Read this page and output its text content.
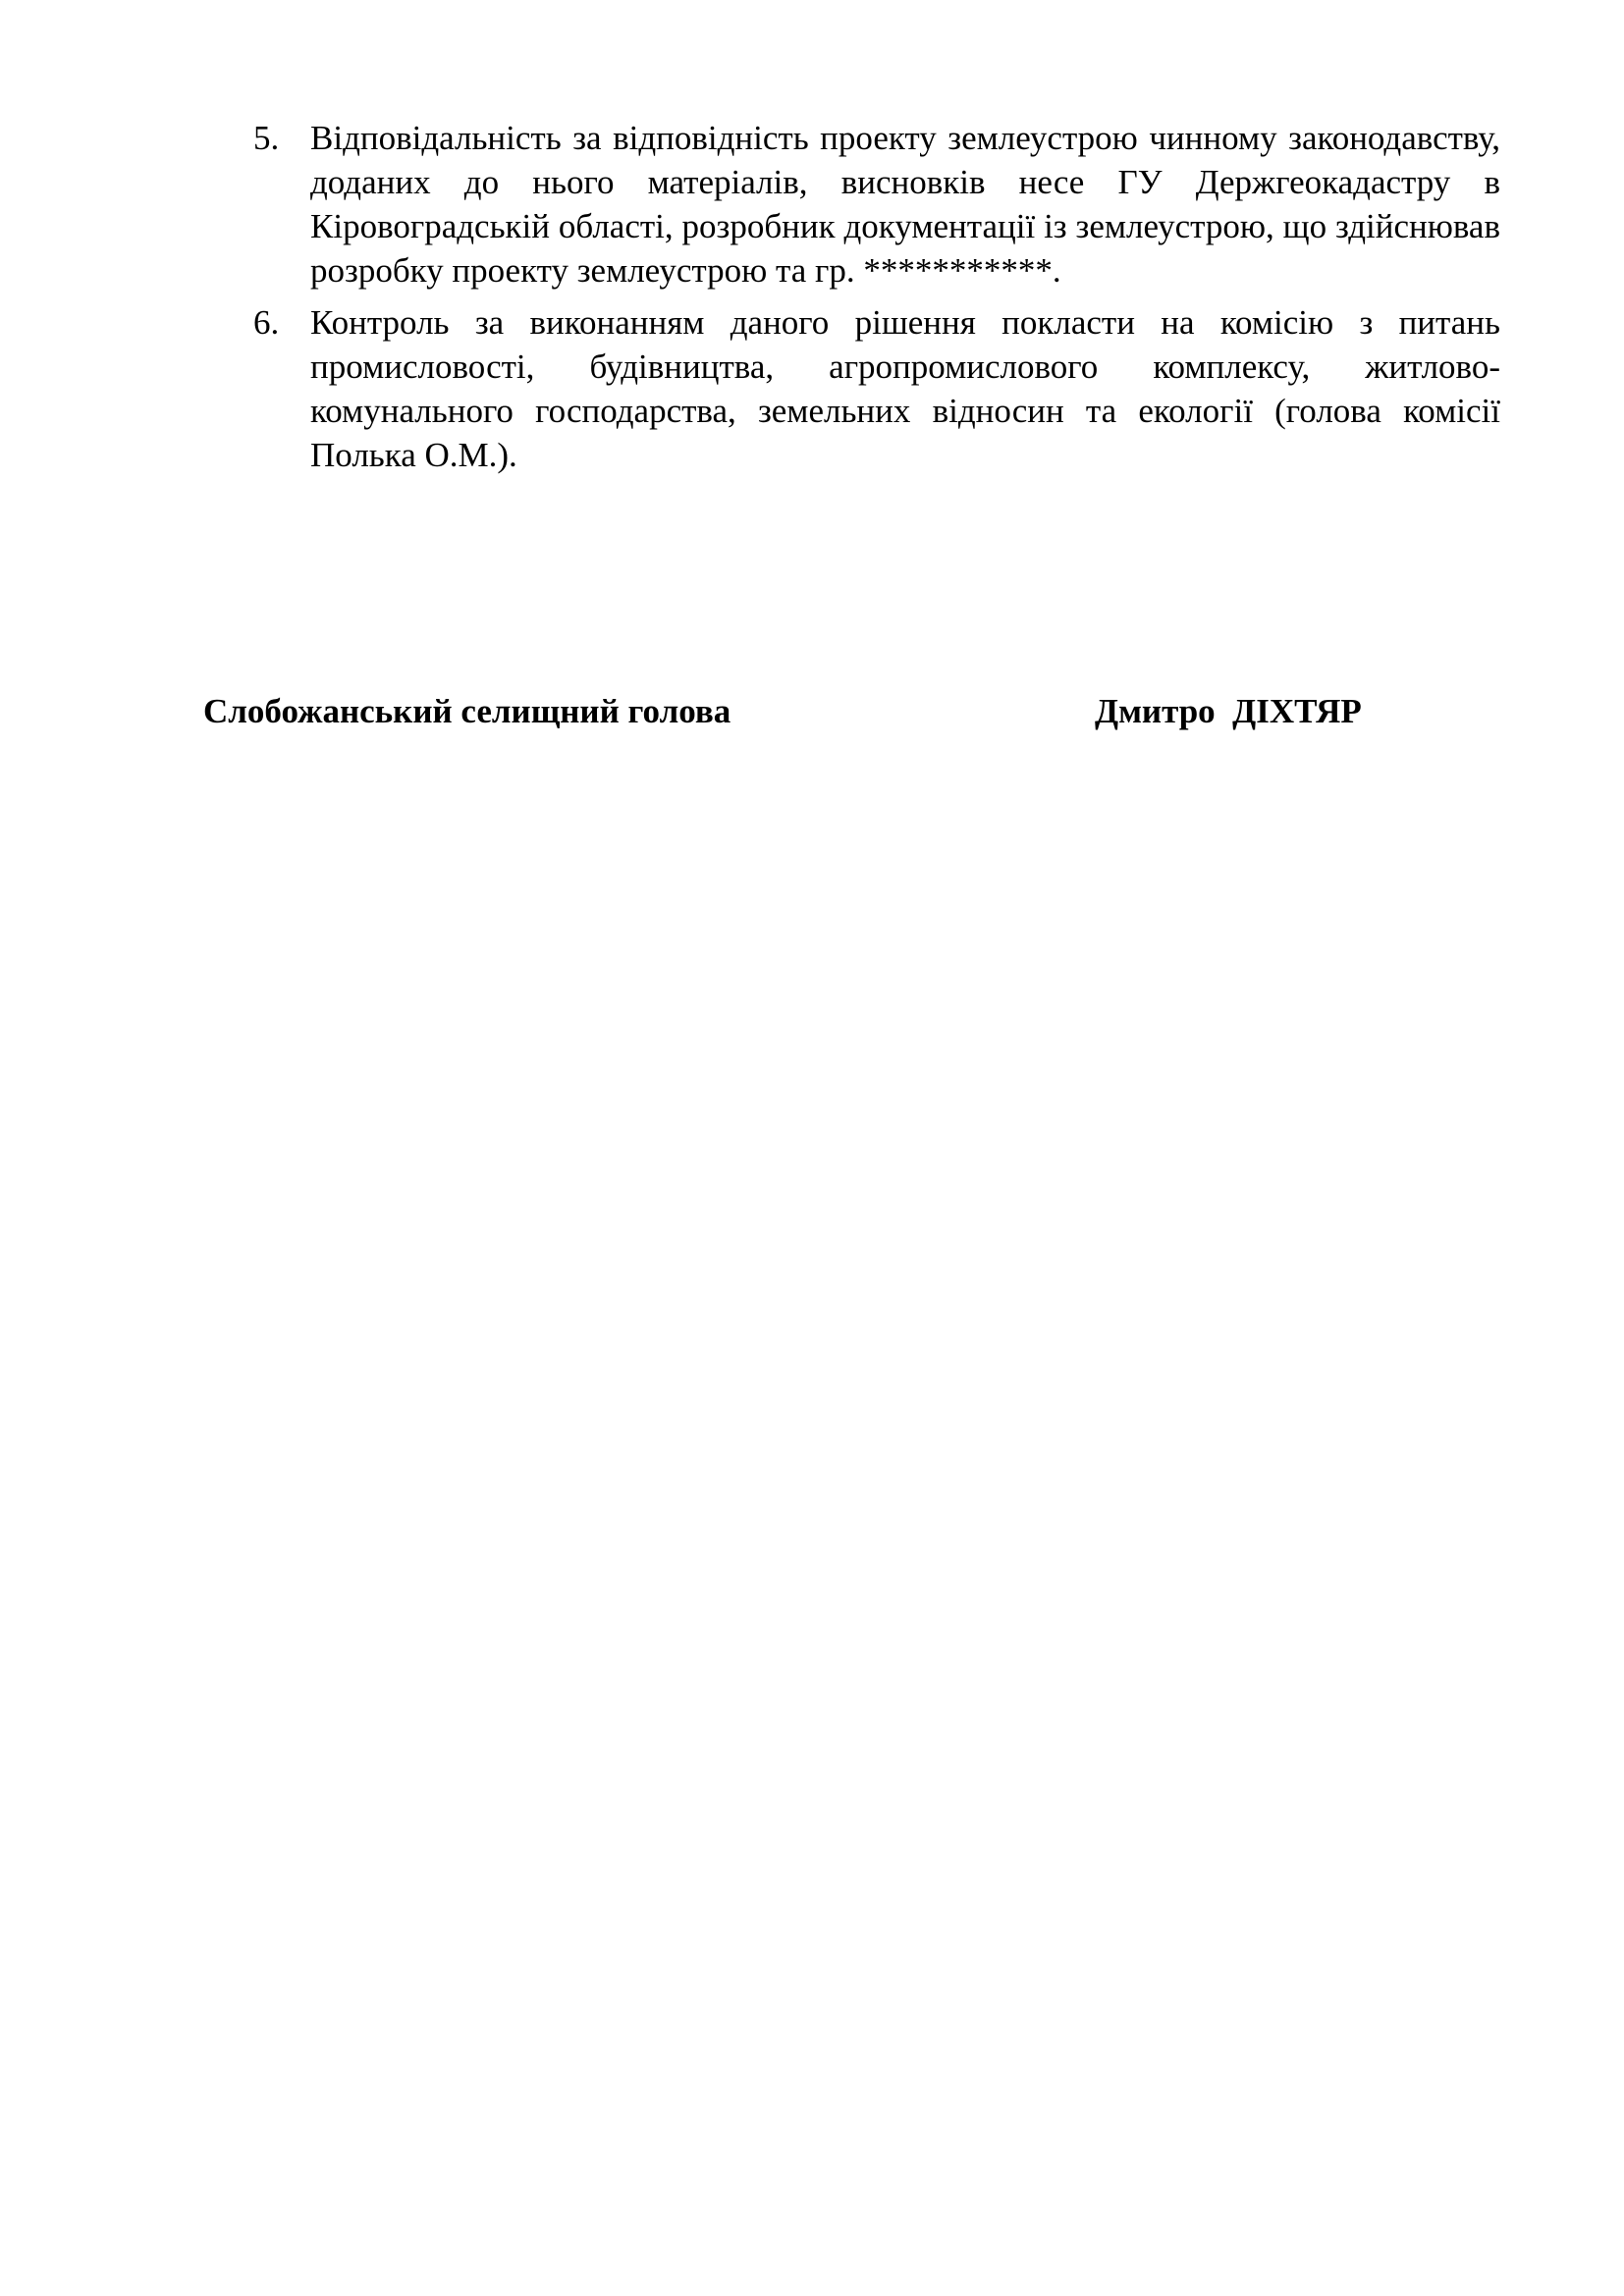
5. Відповідальність за відповідність проекту землеустрою чинному законодавству, доданих до нього матеріалів, висновків несе ГУ Держгеокадастру в Кіровоградській області, розробник документації із землеустрою, що здійснював розробку проекту землеустрою та гр. ***********.
6. Контроль за виконанням даного рішення покласти на комісію з питань промисловості, будівництва, агропромислового комплексу, житлово-комунального господарства, земельних відносин та екології (голова комісії Полька О.М.).
Слобожанський селищний голова	Дмитро  ДІХТЯР
